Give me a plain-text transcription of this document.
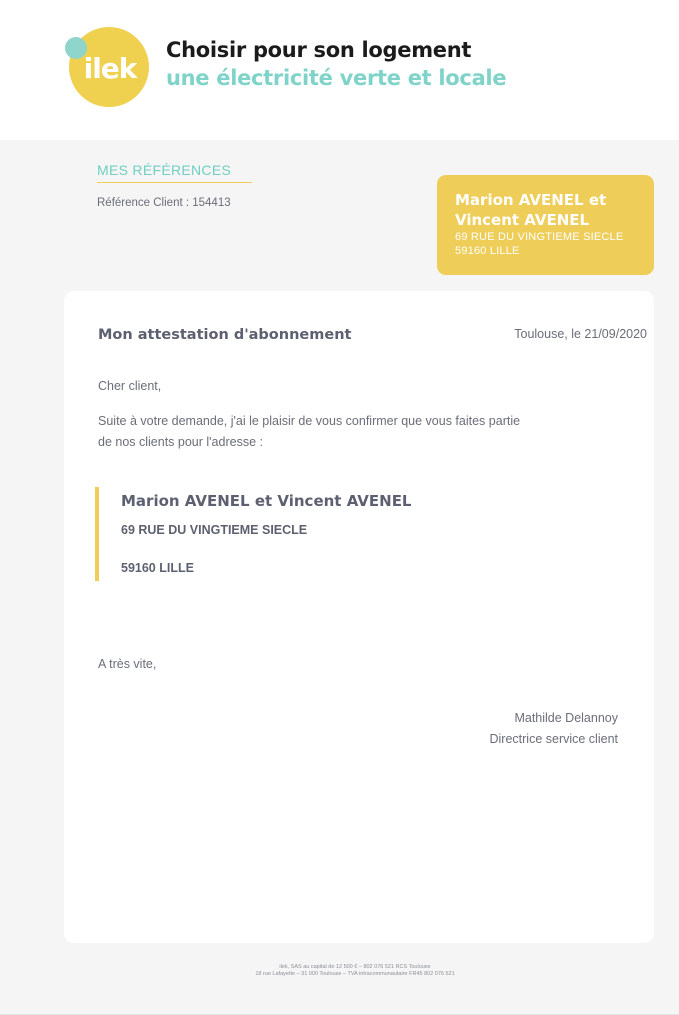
ilek
Choisir pour son logement
une électricité verte et locale
MES RÉFÉRENCES
Référence Client : 154413	Marion AVENEL et Vincent AVENEL
69 RUE DU VINGTIEME SIECLE
59160 LILLE
Mon attestation d'abonnement	Toulouse, le 21/09/2020
Cher client,
Suite à votre demande, j'ai le plaisir de vous confirmer que vous faites partie
de nos clients pour l'adresse :
Marion AVENEL et Vincent AVENEL
69 RUE DU VINGTIEME SIECLE
59160 LILLE
A très vite,
Mathilde Delannoy
Directrice service client
ilek, SAS au capital de 12 500 € – 802 076 521 RCS Toulouse
18 rue Lafayette – 31 000 Toulouse – TVA intracommunautaire FR45 802 076 521
